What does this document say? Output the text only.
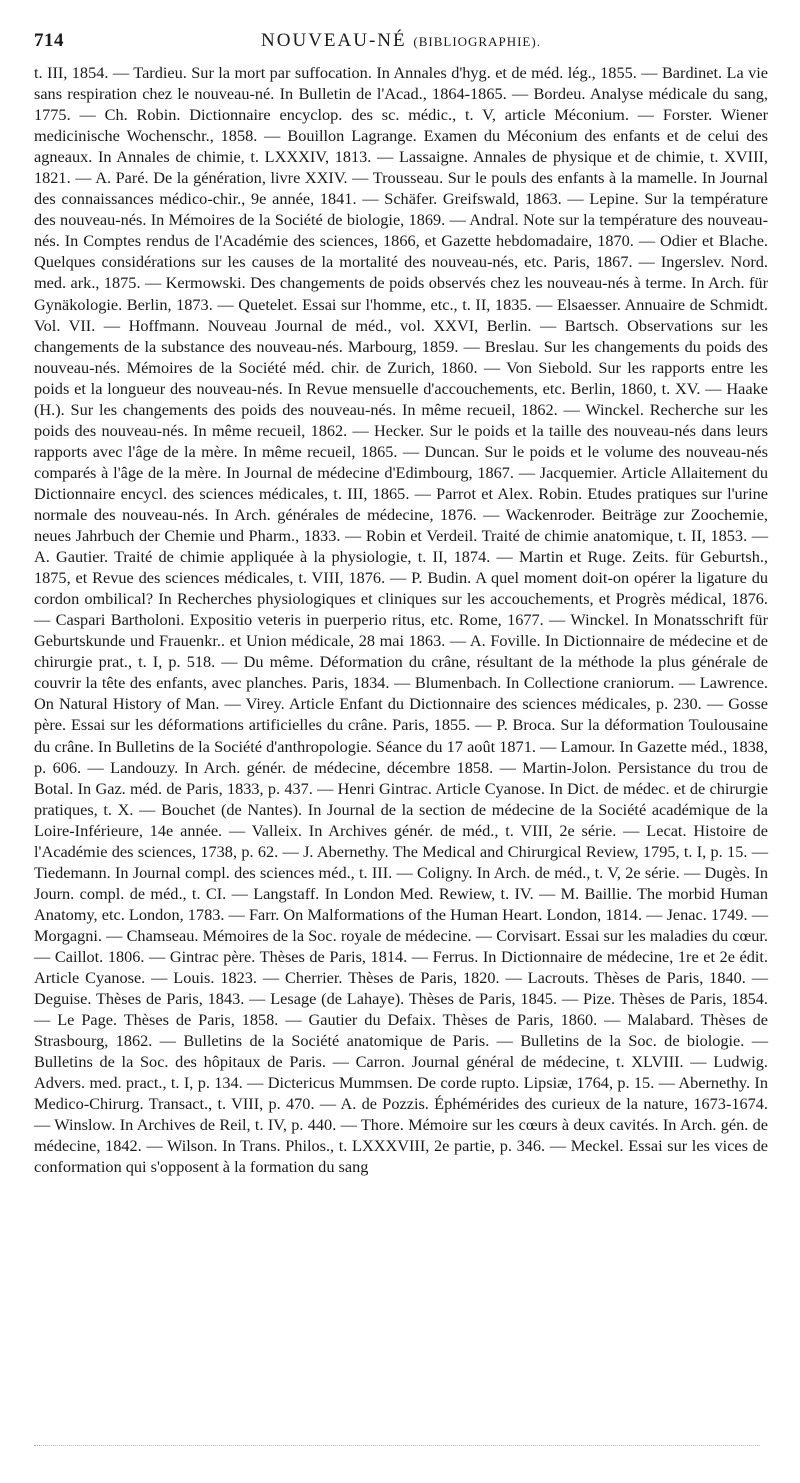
714	NOUVEAU-NÉ (BIBLIOGRAPHIE).

t. III, 1854. — Tardieu. Sur la mort par suffocation. In Annales d'hyg. et de méd. lég., 1855. — Bardinet. La vie sans respiration chez le nouveau-né. In Bulletin de l'Acad., 1864-1865. — Bordeu. Analyse médicale du sang, 1775. — Ch. Robin. Dictionnaire encyclop. des sc. médic., t. V, article Méconium. — Forster. Wiener medicinische Wochenschr., 1858. — Bouillon Lagrange. Examen du Méconium des enfants et de celui des agneaux. In Annales de chimie, t. LXXXIV, 1813. — Lassaigne. Annales de physique et de chimie, t. XVIII, 1821. — A. Paré. De la génération, livre XXIV. — Trousseau. Sur le pouls des enfants à la mamelle. In Journal des connaissances médico-chir., 9e année, 1841. — Schäfer. Greifswald, 1863. — Lepine. Sur la température des nouveau-nés. In Mémoires de la Société de biologie, 1869. — Andral. Note sur la température des nouveau-nés. In Comptes rendus de l'Académie des sciences, 1866, et Gazette hebdomadaire, 1870. — Odier et Blache. Quelques considérations sur les causes de la mortalité des nouveau-nés, etc. Paris, 1867. — Ingerslev. Nord. med. ark., 1875. — Kermowski. Des changements de poids observés chez les nouveau-nés à terme. In Arch. für Gynäkologie. Berlin, 1873. — Quetelet. Essai sur l'homme, etc., t. II, 1835. — Elsaesser. Annuaire de Schmidt. Vol. VII. — Hoffmann. Nouveau Journal de méd., vol. XXVI, Berlin. — Bartsch. Observations sur les changements de la substance des nouveau-nés. Marbourg, 1859. — Breslau. Sur les changements du poids des nouveau-nés. Mémoires de la Société méd. chir. de Zurich, 1860. — Von Siebold. Sur les rapports entre les poids et la longueur des nouveau-nés. In Revue mensuelle d'accouchements, etc. Berlin, 1860, t. XV. — Haake (H.). Sur les changements des poids des nouveau-nés. In même recueil, 1862. — Winckel. Recherche sur les poids des nouveau-nés. In même recueil, 1862. — Hecker. Sur le poids et la taille des nouveau-nés dans leurs rapports avec l'âge de la mère. In même recueil, 1865. — Duncan. Sur le poids et le volume des nouveau-nés comparés à l'âge de la mère. In Journal de médecine d'Edimbourg, 1867. — Jacquemier. Article Allaitement du Dictionnaire encycl. des sciences médicales, t. III, 1865. — Parrot et Alex. Robin. Etudes pratiques sur l'urine normale des nouveau-nés. In Arch. générales de médecine, 1876. — Wackenroder. Beiträge zur Zoochemie, neues Jahrbuch der Chemie und Pharm., 1833. — Robin et Verdeil. Traité de chimie anatomique, t. II, 1853. — A. Gautier. Traité de chimie appliquée à la physiologie, t. II, 1874. — Martin et Ruge. Zeits. für Geburtsh., 1875, et Revue des sciences médicales, t. VIII, 1876. — P. Budin. A quel moment doit-on opérer la ligature du cordon ombilical? In Recherches physiologiques et cliniques sur les accouchements, et Progrès médical, 1876. — Caspari Bartholoni. Expositio veteris in puerperio ritus, etc. Rome, 1677. — Winckel. In Monatsschrift für Geburtskunde und Frauenkr.. et Union médicale, 28 mai 1863. — A. Foville. In Dictionnaire de médecine et de chirurgie prat., t. I, p. 518. — Du même. Déformation du crâne, résultant de la méthode la plus générale de couvrir la tête des enfants, avec planches. Paris, 1834. — Blumenbach. In Collectione craniorum. — Lawrence. On Natural History of Man. — Virey. Article Enfant du Dictionnaire des sciences médicales, p. 230. — Gosse père. Essai sur les déformations artificielles du crâne. Paris, 1855. — P. Broca. Sur la déformation Toulousaine du crâne. In Bulletins de la Société d'anthropologie. Séance du 17 août 1871. — Lamour. In Gazette méd., 1838, p. 606. — Landouzy. In Arch. génér. de médecine, décembre 1858. — Martin-Jolon. Persistance du trou de Botal. In Gaz. méd. de Paris, 1833, p. 437. — Henri Gintrac. Article Cyanose. In Dict. de médec. et de chirurgie pratiques, t. X. — Bouchet (de Nantes). In Journal de la section de médecine de la Société académique de la Loire-Inférieure, 14e année. — Valleix. In Archives génér. de méd., t. VIII, 2e série. — Lecat. Histoire de l'Académie des sciences, 1738, p. 62. — J. Abernethy. The Medical and Chirurgical Review, 1795, t. I, p. 15. — Tiedemann. In Journal compl. des sciences méd., t. III. — Coligny. In Arch. de méd., t. V, 2e série. — Dugès. In Journ. compl. de méd., t. CI. — Langstaff. In London Med. Rewiew, t. IV. — M. Baillie. The morbid Human Anatomy, etc. London, 1783. — Farr. On Malformations of the Human Heart. London, 1814. — Jenac. 1749. — Morgagni. — Chamseau. Mémoires de la Soc. royale de médecine. — Corvisart. Essai sur les maladies du cœur. — Caillot. 1806. — Gintrac père. Thèses de Paris, 1814. — Ferrus. In Dictionnaire de médecine, 1re et 2e édit. Article Cyanose. — Louis. 1823. — Cherrier. Thèses de Paris, 1820. — Lacrouts. Thèses de Paris, 1840. — Deguise. Thèses de Paris, 1843. — Lesage (de Lahaye). Thèses de Paris, 1845. — Pize. Thèses de Paris, 1854. — Le Page. Thèses de Paris, 1858. — Gautier du Defaix. Thèses de Paris, 1860. — Malabard. Thèses de Strasbourg, 1862. — Bulletins de la Société anatomique de Paris. — Bulletins de la Soc. de biologie. — Bulletins de la Soc. des hôpitaux de Paris. — Carron. Journal général de médecine, t. XLVIII. — Ludwig. Advers. med. pract., t. I, p. 134. — Dictericus Mummsen. De corde rupto. Lipsiæ, 1764, p. 15. — Abernethy. In Medico-Chirurg. Transact., t. VIII, p. 470. — A. de Pozzis. Éphémérides des curieux de la nature, 1673-1674. — Winslow. In Archives de Reil, t. IV, p. 440. — Thore. Mémoire sur les cœurs à deux cavités. In Arch. gén. de médecine, 1842. — Wilson. In Trans. Philos., t. LXXXVIII, 2e partie, p. 346. — Meckel. Essai sur les vices de conformation qui s'opposent à la formation du sang
